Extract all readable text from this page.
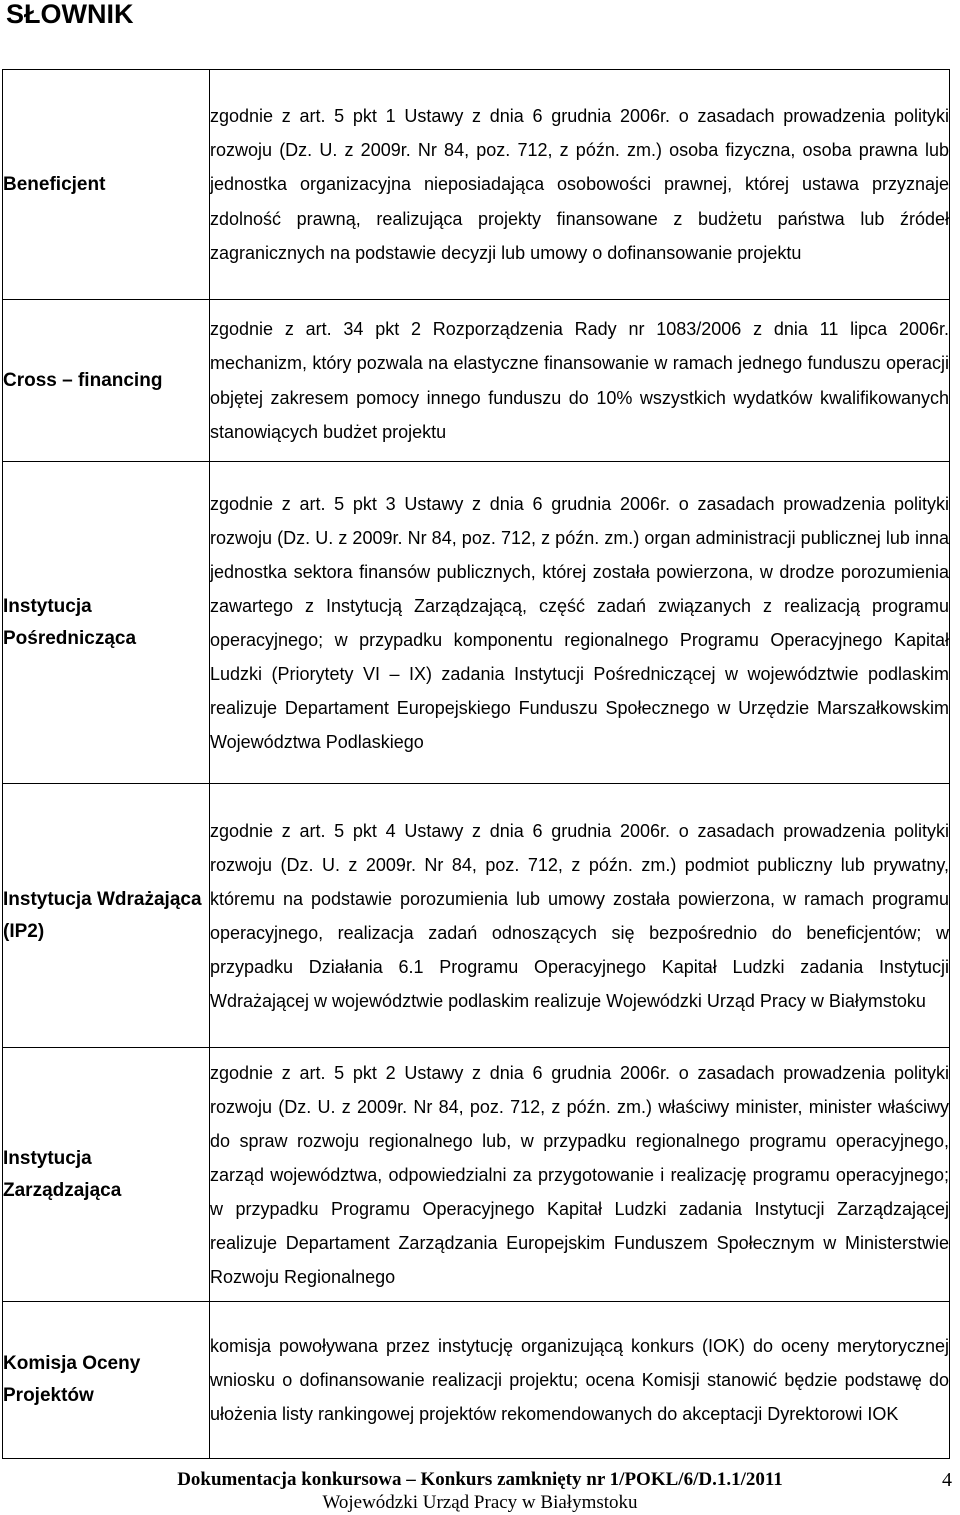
SŁOWNIK
Beneficjent	zgodnie z art. 5 pkt 1 Ustawy z dnia 6 grudnia 2006r. o zasadach prowadzenia polityki rozwoju (Dz. U. z 2009r. Nr 84, poz. 712, z późn. zm.) osoba fizyczna, osoba prawna lub jednostka organizacyjna nieposiadająca osobowości prawnej, której ustawa przyznaje zdolność prawną, realizująca projekty finansowane z budżetu państwa lub źródeł zagranicznych na podstawie decyzji lub umowy o dofinansowanie projektu

Cross – financing	zgodnie z art. 34 pkt 2 Rozporządzenia Rady nr 1083/2006 z dnia 11 lipca 2006r. mechanizm, który pozwala na elastyczne finansowanie w ramach jednego funduszu operacji objętej zakresem pomocy innego funduszu do 10% wszystkich wydatków kwalifikowanych stanowiących budżet projektu

Instytucja Pośrednicząca	zgodnie z art. 5 pkt 3 Ustawy z dnia 6 grudnia 2006r. o zasadach prowadzenia polityki rozwoju (Dz. U. z 2009r. Nr 84, poz. 712, z późn. zm.) organ administracji publicznej lub inna jednostka sektora finansów publicznych, której została powierzona, w drodze porozumienia zawartego z Instytucją Zarządzającą, część zadań związanych z realizacją programu operacyjnego; w przypadku komponentu regionalnego Programu Operacyjnego Kapitał Ludzki (Priorytety VI – IX) zadania Instytucji Pośredniczącej w województwie podlaskim realizuje Departament Europejskiego Funduszu Społecznego w Urzędzie Marszałkowskim Województwa Podlaskiego

Instytucja Wdrażająca (IP2)	zgodnie z art. 5 pkt 4 Ustawy z dnia 6 grudnia 2006r. o zasadach prowadzenia polityki rozwoju (Dz. U. z 2009r. Nr 84, poz. 712, z późn. zm.) podmiot publiczny lub prywatny, któremu na podstawie porozumienia lub umowy została powierzona, w ramach programu operacyjnego, realizacja zadań odnoszących się bezpośrednio do beneficjentów; w przypadku Działania 6.1 Programu Operacyjnego Kapitał Ludzki zadania Instytucji Wdrażającej w województwie podlaskim realizuje Wojewódzki Urząd Pracy w Białymstoku

Instytucja Zarządzająca	zgodnie z art. 5 pkt 2 Ustawy z dnia 6 grudnia 2006r. o zasadach prowadzenia polityki rozwoju (Dz. U. z 2009r. Nr 84, poz. 712, z późn. zm.) właściwy minister, minister właściwy do spraw rozwoju regionalnego lub, w przypadku regionalnego programu operacyjnego, zarząd województwa, odpowiedzialni za przygotowanie i realizację programu operacyjnego; w przypadku Programu Operacyjnego Kapitał Ludzki zadania Instytucji Zarządzającej realizuje Departament Zarządzania Europejskim Funduszem Społecznym w Ministerstwie Rozwoju Regionalnego

Komisja Oceny Projektów	komisja powoływana przez instytucję organizującą konkurs (IOK) do oceny merytorycznej wniosku o dofinansowanie realizacji projektu; ocena Komisji stanowić będzie podstawę do ułożenia listy rankingowej projektów rekomendowanych do akceptacji Dyrektorowi IOK
Dokumentacja konkursowa – Konkurs zamknięty nr 1/POKL/6/D.1.1/2011
Wojewódzki Urząd Pracy w Białymstoku
4
